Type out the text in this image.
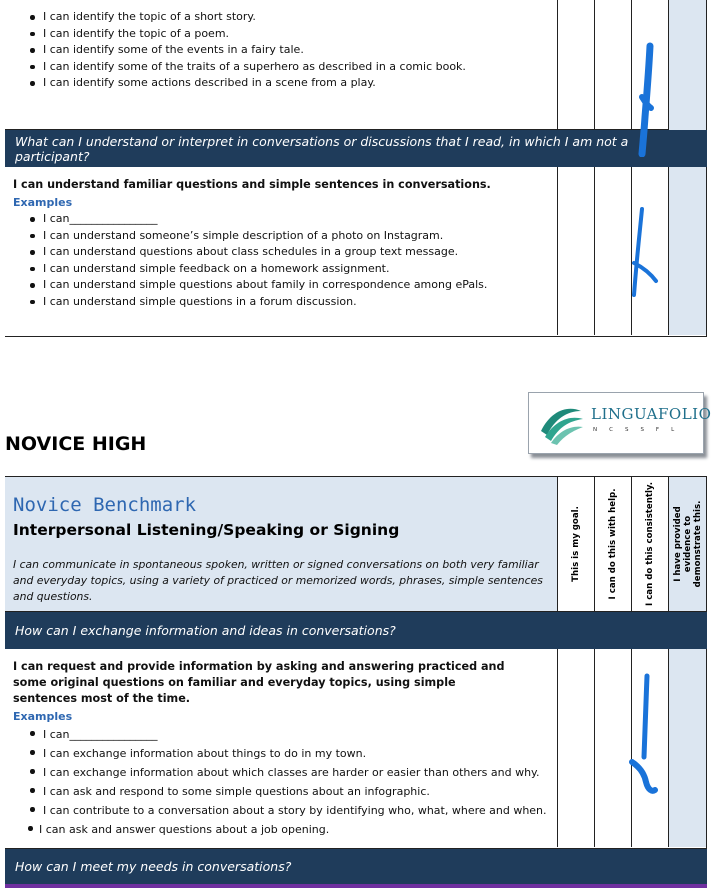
I can identify the topic of a short story.
I can identify the topic of a poem.
I can identify some of the events in a fairy tale.
I can identify some of the traits of a superhero as described in a comic book.
I can identify some actions described in a scene from a play.
What can I understand or interpret in conversations or discussions that I read, in which I am not a participant?
I can understand familiar questions and simple sentences in conversations.
Examples
I can________________
I can understand someone’s simple description of a photo on Instagram.
I can understand questions about class schedules in a group text message.
I can understand simple feedback on a homework assignment.
I can understand simple questions about family in correspondence among ePals.
I can understand simple questions in a forum discussion.
NOVICE HIGH
LINGUAFOLIO
NCSSFL
Novice Benchmark
Interpersonal Listening/Speaking or Signing
I can communicate in spontaneous spoken, written or signed conversations on both very familiar and everyday topics, using a variety of practiced or memorized words, phrases, simple sentences and questions.
This is my goal.	I can do this with help.	I can do this consistently. I have provided evidence to demonstrate this.
How can I exchange information and ideas in conversations?
I can request and provide information by asking and answering practiced and some original questions on familiar and everyday topics, using simple sentences most of the time.
Examples
I can________________
I can exchange information about things to do in my town.
I can exchange information about which classes are harder or easier than others and why.
I can ask and respond to some simple questions about an infographic.
I can contribute to a conversation about a story by identifying who, what, where and when.
I can ask and answer questions about a job opening.
How can I meet my needs in conversations?
